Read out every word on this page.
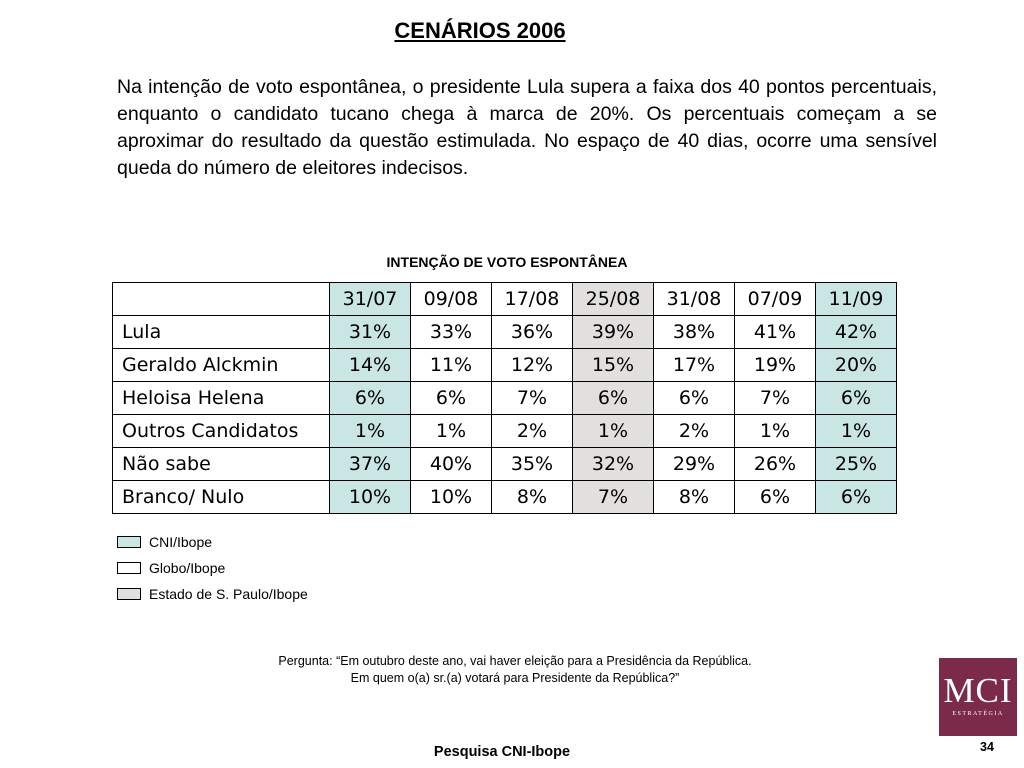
CENÁRIOS 2006

Na intenção de voto espontânea, o presidente Lula supera a faixa dos 40 pontos percentuais, enquanto o candidato tucano chega à marca de 20%. Os percentuais começam a se aproximar do resultado da questão estimulada. No espaço de 40 dias, ocorre uma sensível queda do número de eleitores indecisos.

INTENÇÃO DE VOTO ESPONTÂNEA
	31/07	09/08	17/08	25/08	31/08	07/09	11/09
Lula	31%	33%	36%	39%	38%	41%	42%
Geraldo Alckmin	14%	11%	12%	15%	17%	19%	20%
Heloisa Helena	6%	6%	7%	6%	6%	7%	6%
Outros Candidatos	1%	1%	2%	1%	2%	1%	1%
Não sabe	37%	40%	35%	32%	29%	26%	25%
Branco/ Nulo	10%	10%	8%	7%	8%	6%	6%
CNI/Ibope
Globo/Ibope
Estado de S. Paulo/Ibope
Pergunta: “Em outubro deste ano, vai haver eleição para a Presidência da República. Em quem o(a) sr.(a) votará para Presidente da República?”
Pesquisa CNI-Ibope
MCI
ESTRATÉGIA
34
